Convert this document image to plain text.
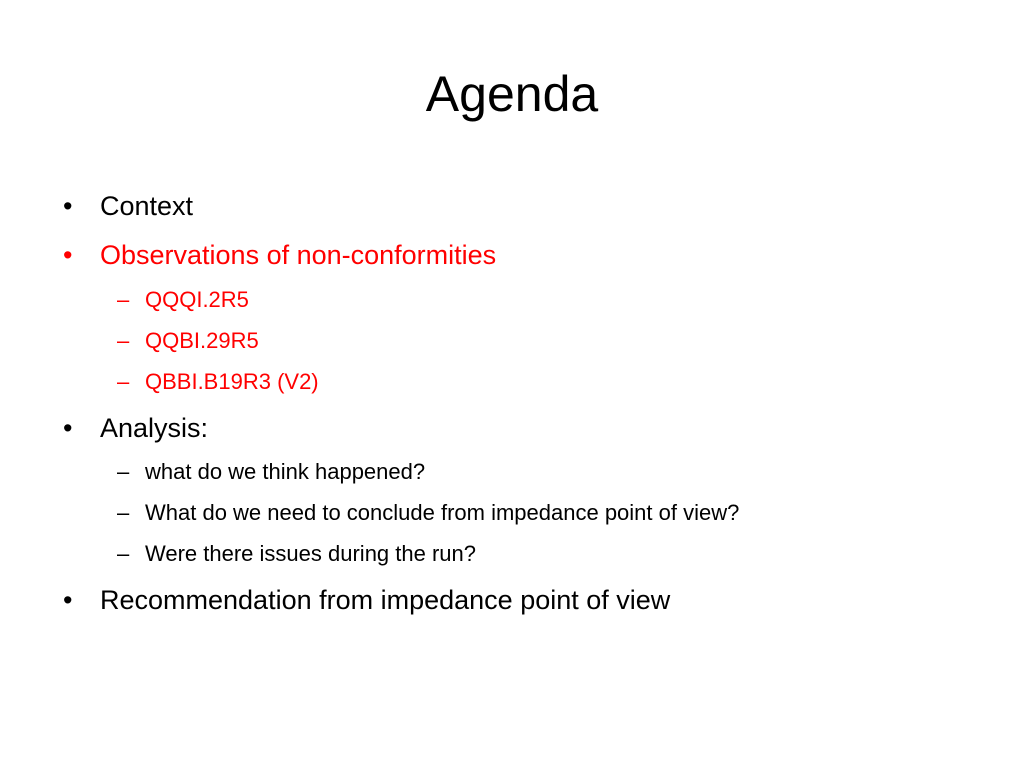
Agenda
•	Context
•	Observations of non-conformities
– QQQI.2R5
– QQBI.29R5
– QBBI.B19R3 (V2)
•	Analysis:
– what do we think happened?
– What do we need to conclude from impedance point of view?
– Were there issues during the run?
•	Recommendation from impedance point of view
